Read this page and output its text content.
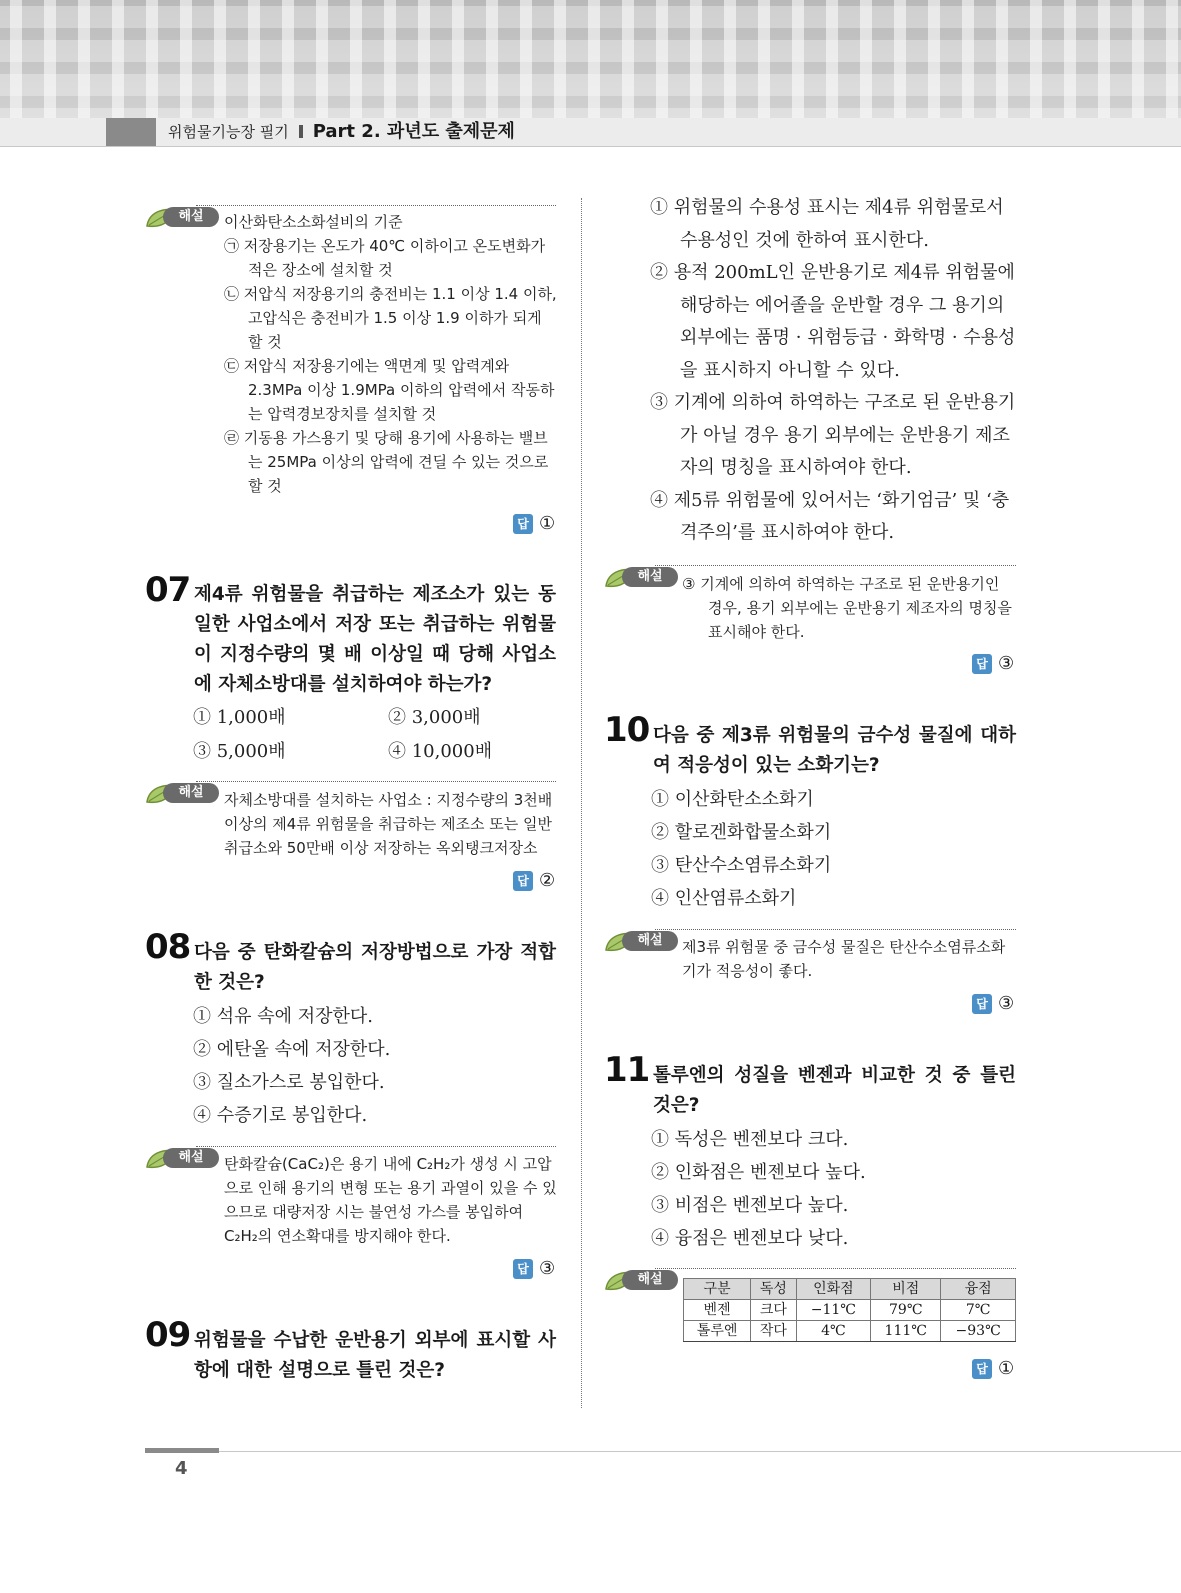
위험물기능장 필기 Part 2. 과년도 출제문제
해설	이산화탄소소화설비의 기준
㉠ 저장용기는 온도가 40℃ 이하이고 온도변화가 적은 장소에 설치할 것
㉡ 저압식 저장용기의 충전비는 1.1 이상 1.4 이하, 고압식은 충전비가 1.5 이상 1.9 이하가 되게 할 것
㉢ 저압식 저장용기에는 액면계 및 압력계와 2.3MPa 이상 1.9MPa 이하의 압력에서 작동하는 압력경보장치를 설치할 것
㉣ 기동용 가스용기 및 당해 용기에 사용하는 밸브는 25MPa 이상의 압력에 견딜 수 있는 것으로 할 것
답 ①
07 제4류 위험물을 취급하는 제조소가 있는 동일한 사업소에서 저장 또는 취급하는 위험물이 지정수량의 몇 배 이상일 때 당해 사업소에 자체소방대를 설치하여야 하는가?
① 1,000배	② 3,000배
③ 5,000배	④ 10,000배
해설	자체소방대를 설치하는 사업소 : 지정수량의 3천배 이상의 제4류 위험물을 취급하는 제조소 또는 일반취급소와 50만배 이상 저장하는 옥외탱크저장소
답 ②
08 다음 중 탄화칼슘의 저장방법으로 가장 적합한 것은?
① 석유 속에 저장한다.
② 에탄올 속에 저장한다.
③ 질소가스로 봉입한다.
④ 수증기로 봉입한다.
해설	탄화칼슘(CaC₂)은 용기 내에 C₂H₂가 생성 시 고압으로 인해 용기의 변형 또는 용기 과열이 있을 수 있으므로 대량저장 시는 불연성 가스를 봉입하여 C₂H₂의 연소확대를 방지해야 한다.
답 ③
09 위험물을 수납한 운반용기 외부에 표시할 사항에 대한 설명으로 틀린 것은?
① 위험물의 수용성 표시는 제4류 위험물로서 수용성인 것에 한하여 표시한다.
② 용적 200mL인 운반용기로 제4류 위험물에 해당하는 에어졸을 운반할 경우 그 용기의 외부에는 품명 · 위험등급 · 화학명 · 수용성을 표시하지 아니할 수 있다.
③ 기계에 의하여 하역하는 구조로 된 운반용기가 아닐 경우 용기 외부에는 운반용기 제조자의 명칭을 표시하여야 한다.
④ 제5류 위험물에 있어서는 ‘화기엄금’ 및 ‘충격주의’를 표시하여야 한다.
해설	③ 기계에 의하여 하역하는 구조로 된 운반용기인 경우, 용기 외부에는 운반용기 제조자의 명칭을 표시해야 한다.
답 ③
10 다음 중 제3류 위험물의 금수성 물질에 대하여 적응성이 있는 소화기는?
① 이산화탄소소화기
② 할로겐화합물소화기
③ 탄산수소염류소화기
④ 인산염류소화기
해설	제3류 위험물 중 금수성 물질은 탄산수소염류소화기가 적응성이 좋다.
답 ③
11 톨루엔의 성질을 벤젠과 비교한 것 중 틀린 것은?
① 독성은 벤젠보다 크다.
② 인화점은 벤젠보다 높다.
③ 비점은 벤젠보다 높다.
④ 융점은 벤젠보다 낮다.
해설
구분	독성	인화점	비점	융점
벤젠	크다	−11℃	79℃	7℃
톨루엔	작다	4℃	111℃	−93℃
답 ①
4
